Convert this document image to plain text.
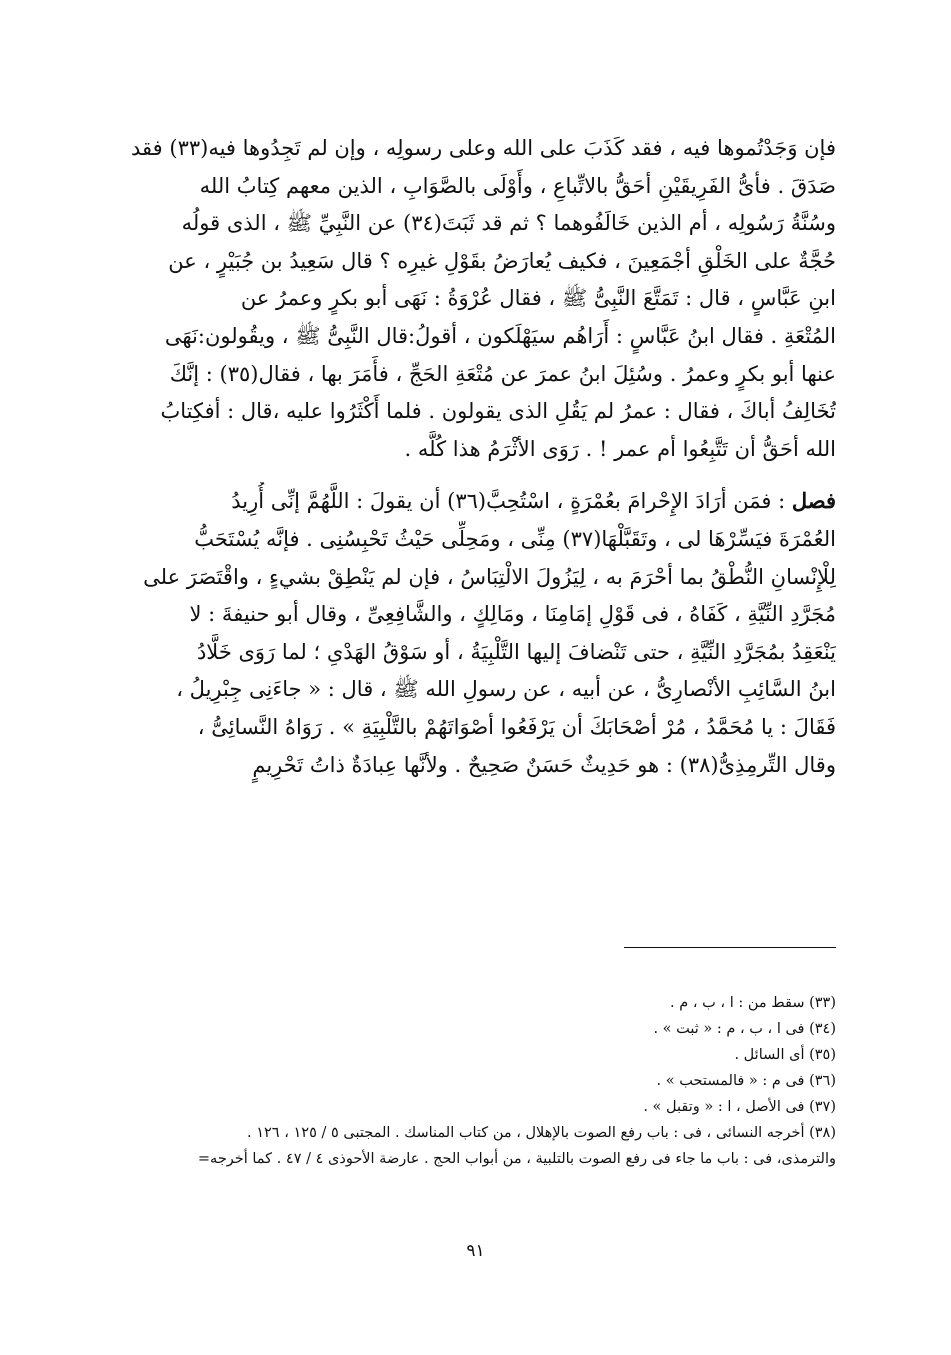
فإن وَجَدْتُموها فيه ، فقد كَذَبَ على الله وعلى رسولِه ، وإن لم تَجِدُوها فيه(٣٣) فقد
صَدَقَ . فأىُّ الفَرِيقَيْنِ أحَقُّ بالاتِّباعِ ، وأَوْلَى بالصَّوَابِ ، الذين معهم كِتابُ الله
وسُنَّةُ رَسُولِه ، أم الذين خَالَفُوهما ؟ ثم قد ثَبَتَ(٣٤) عن النَّبِيِّ ﷺ ، الذى قولُه
حُجَّةٌ على الخَلْقِ أجْمَعِينَ ، فكيف يُعارَضُ بقَوْلِ غيرِه ؟ قال سَعِيدُ بن جُبَيْرٍ ، عن
ابنِ عَبَّاسٍ ، قال : تَمَتَّعَ النَّبِىُّ ﷺ ، فقال عُرْوَةُ : نَهَى أبو بكرٍ وعمرُ عن
المُتْعَةِ . فقال ابنُ عَبَّاسٍ : أَرَاهُم سيَهْلَكون ، أقولُ:قال النَّبِىُّ ﷺ ، ويقُولون:نَهَى
عنها أبو بكرٍ وعمرُ . وسُئِلَ ابنُ عمرَ عن مُتْعَةِ الحَجِّ ، فأَمَرَ بها ، فقال(٣٥) : إنَّكَ
تُخَالِفُ أباكَ ، فقال : عمرُ لم يَقُلِ الذى يقولون . فلما أَكْثَرُوا عليه ،قال : أفكِتابُ
الله أحَقُّ أن تَتَّبِعُوا أم عمر ! . رَوَى الأثْرَمُ هذا كُلَّه .

فصل : فمَن أرَادَ الإِحْرامَ بعُمْرَةٍ ، اسْتُحِبَّ(٣٦) أن يقولَ : اللَّهُمَّ إنِّى أُرِيدُ
العُمْرَةَ فيَسِّرْهَا لى ، وتَقَبَّلْهَا(٣٧) مِنِّى ، ومَحِلِّى حَيْثُ تَحْبِسُنِى . فإنَّه يُسْتَحَبُّ
لِلْإِنْسانِ النُّطْقُ بما أحْرَمَ به ، لِيَزُولَ الالْتِبَاسُ ، فإن لم يَنْطِقْ بشيءٍ ، واقْتَصَرَ على
مُجَرَّدِ النِّيَّةِ ، كَفَاهُ ، فى قَوْلِ إمَامِنَا ، ومَالِكٍ ، والشَّافِعِىِّ ، وقال أبو حنيفةَ : لا
يَنْعَقِدُ بمُجَرَّدِ النِّيَّةِ ، حتى تَنْضافَ إليها التَّلْبِيَةُ ، أو سَوْقُ الهَدْىِ ؛ لما رَوَى خَلَّادُ
ابنُ السَّائِبِ الأنْصارِىُّ ، عن أبيه ، عن رسولِ الله ﷺ ، قال : « جاءَنِى جِبْرِيلُ ،
فَقَالَ : يا مُحَمَّدُ ، مُرْ أصْحَابَكَ أن يَرْفَعُوا أصْوَاتَهُمْ بالتَّلْبِيَةِ » . رَوَاهُ النَّسائِىُّ ،
وقال التِّرمِذِىُّ(٣٨) : هو حَدِيثٌ حَسَنٌ صَحِيحٌ . ولأنَّها عِبادَةٌ ذاتُ تَحْرِيمٍ

(٣٣) سقط من : ا ، ب ، م .
(٣٤) فى ا ، ب ، م : « ثبت » .
(٣٥) أى السائل .
(٣٦) فى م : « فالمستحب » .
(٣٧) فى الأصل ، ا : « وتقبل » .
(٣٨) أخرجه النسائى ، فى : باب رفع الصوت بالإهلال ، من كتاب المناسك . المجتبى ٥ / ١٢٥ ، ١٢٦ .
والترمذى، فى : باب ما جاء فى رفع الصوت بالتلبية ، من أبواب الحج . عارضة الأحوذى ٤ / ٤٧ . كما أخرجه=
٩١
